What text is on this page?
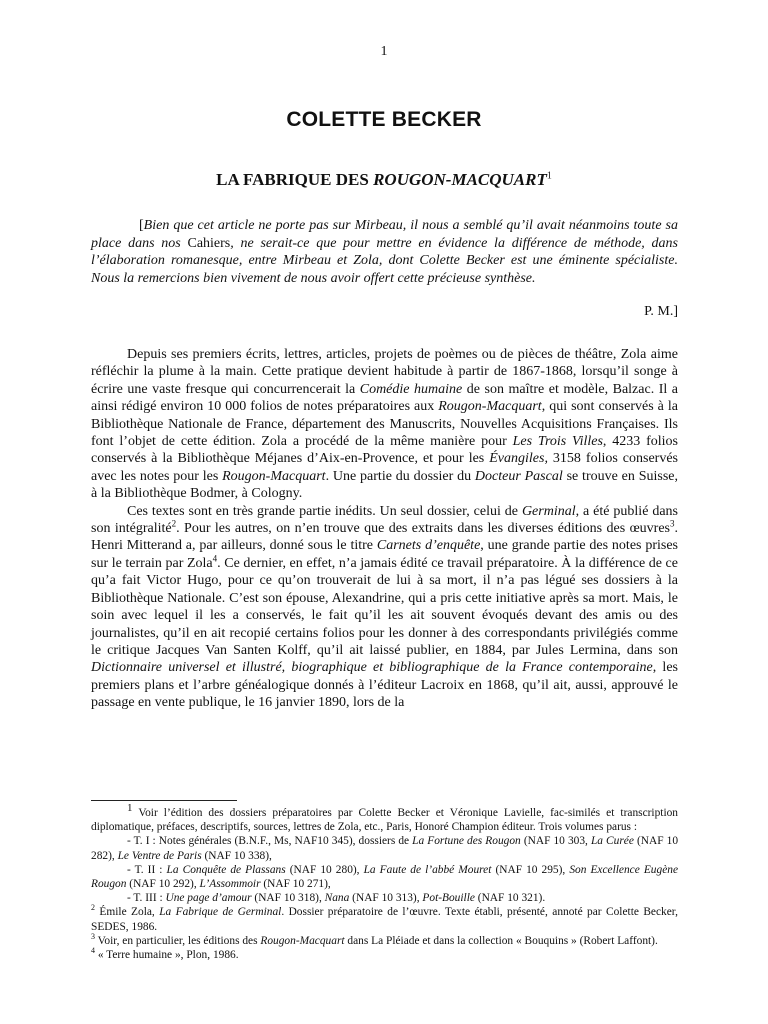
1
COLETTE BECKER
LA FABRIQUE DES ROUGON-MACQUART$^1$
[Bien que cet article ne porte pas sur Mirbeau, il nous a semblé qu’il avait néanmoins toute sa place dans nos Cahiers, ne serait-ce que pour mettre en évidence la différence de méthode, dans l’élaboration romanesque, entre Mirbeau et Zola, dont Colette Becker est une éminente spécialiste. Nous la remercions bien vivement de nous avoir offert cette précieuse synthèse.
P. M.]

Depuis ses premiers écrits, lettres, articles, projets de poèmes ou de pièces de théâtre, Zola aime réfléchir la plume à la main. Cette pratique devient habitude à partir de 1867-1868, lorsqu’il songe à écrire une vaste fresque qui concurrencerait la Comédie humaine de son maître et modèle, Balzac. Il a ainsi rédigé environ 10 000 folios de notes préparatoires aux Rougon-Macquart, qui sont conservés à la Bibliothèque Nationale de France, département des Manuscrits, Nouvelles Acquisitions Françaises. Ils font l’objet de cette édition. Zola a procédé de la même manière pour Les Trois Villes, 4233 folios conservés à la Bibliothèque Méjanes d’Aix-en-Provence, et pour les Évangiles, 3158 folios conservés avec les notes pour les Rougon-Macquart. Une partie du dossier du Docteur Pascal se trouve en Suisse, à la Bibliothèque Bodmer, à Cologny.

Ces textes sont en très grande partie inédits. Un seul dossier, celui de Germinal, a été publié dans son intégralité$^2$. Pour les autres, on n’en trouve que des extraits dans les diverses éditions des œuvres$^3$. Henri Mitterand a, par ailleurs, donné sous le titre Carnets d’enquête, une grande partie des notes prises sur le terrain par Zola$^4$. Ce dernier, en effet, n’a jamais édité ce travail préparatoire. À la différence de ce qu’a fait Victor Hugo, pour ce qu’on trouverait de lui à sa mort, il n’a pas légué ses dossiers à la Bibliothèque Nationale. C’est son épouse, Alexandrine, qui a pris cette initiative après sa mort. Mais, le soin avec lequel il les a conservés, le fait qu’il les ait souvent évoqués devant des amis ou des journalistes, qu’il en ait recopié certains folios pour les donner à des correspondants privilégiés comme le critique Jacques Van Santen Kolff, qu’il ait laissé publier, en 1884, par Jules Lermina, dans son Dictionnaire universel et illustré, biographique et bibliographique de la France contemporaine, les premiers plans et l’arbre généalogique donnés à l’éditeur Lacroix en 1868, qu’il ait, aussi, approuvé le passage en vente publique, le 16 janvier 1890, lors de la

$^1$ Voir l’édition des dossiers préparatoires par Colette Becker et Véronique Lavielle, fac-similés et transcription diplomatique, préfaces, descriptifs, sources, lettres de Zola, etc., Paris, Honoré Champion éditeur. Trois volumes parus :

- T. I : Notes générales (B.N.F., Ms, NAF10 345), dossiers de La Fortune des Rougon (NAF 10 303, La Curée (NAF 10 282), Le Ventre de Paris (NAF 10 338),

- T. II : La Conquête de Plassans (NAF 10 280), La Faute de l’abbé Mouret (NAF 10 295), Son Excellence Eugène Rougon (NAF 10 292), L’Assommoir (NAF 10 271),

- T. III : Une page d’amour (NAF 10 318), Nana (NAF 10 313), Pot-Bouille (NAF 10 321).

$^2$ Émile Zola, La Fabrique de Germinal. Dossier préparatoire de l’œuvre. Texte établi, présenté, annoté par Colette Becker, SEDES, 1986.

$^3$ Voir, en particulier, les éditions des Rougon-Macquart dans La Pléiade et dans la collection « Bouquins » (Robert Laffont).

$^4$ « Terre humaine », Plon, 1986.
